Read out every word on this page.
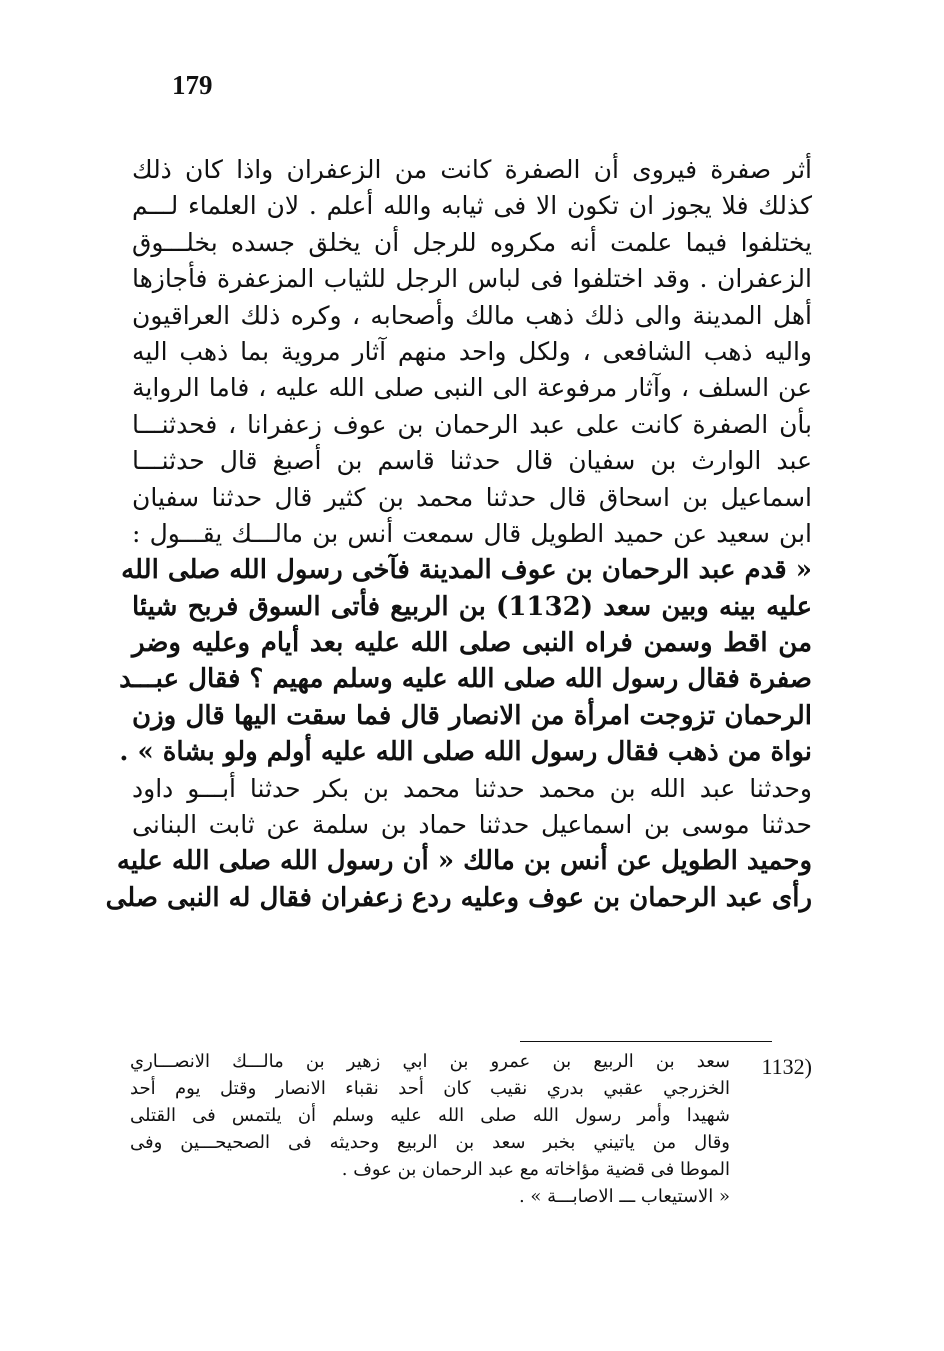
179
أثر صفرة فيروى أن الصفرة كانت من الزعفران واذا كان ذلك
كذلك فلا يجوز ان تكون الا فى ثيابه والله أعلم . لان العلماء لـــم
يختلفوا فيما علمت أنه مكروه للرجل أن يخلق جسده بخلـــوق
الزعفران . وقد اختلفوا فى لباس الرجل للثياب المزعفرة فأجازها
أهل المدينة والى ذلك ذهب مالك وأصحابه ، وكره ذلك العراقيون
واليه ذهب الشافعى ، ولكل واحد منهم آثار مروية بما ذهب اليه
عن السلف ، وآثار مرفوعة الى النبى صلى الله عليه ، فاما الرواية
بأن الصفرة كانت على عبد الرحمان بن عوف زعفرانا ، فحدثنـــا
عبد الوارث بن سفيان قال حدثنا قاسم بن أصبغ قال حدثنـــا
اسماعيل بن اسحاق قال حدثنا محمد بن كثير قال حدثنا سفيان
ابن سعيد عن حميد الطويل قال سمعت أنس بن مالـــك يقـــول :
« قدم عبد الرحمان بن عوف المدينة فآخى رسول الله صلى الله
عليه بينه وبين سعد (1132) بن الربيع فأتى السوق فربح شيئا
من اقط وسمن فراه النبى صلى الله عليه بعد أيام وعليه وضر
صفرة فقال رسول الله صلى الله عليه وسلم مهيم ؟ فقال عبـــد
الرحمان تزوجت امرأة من الانصار قال فما سقت اليها قال وزن
نواة من ذهب فقال رسول الله صلى الله عليه أولم ولو بشاة » .
وحدثنا عبد الله بن محمد حدثنا محمد بن بكر حدثنا أبـــو داود
حدثنا موسى بن اسماعيل حدثنا حماد بن سلمة عن ثابت البنانى
وحميد الطويل عن أنس بن مالك « أن رسول الله صلى الله عليه
رأى عبد الرحمان بن عوف وعليه ردع زعفران فقال له النبى صلى
1132)
سعد بن الربيع بن عمرو بن ابي زهير بن مالـــك الانصـــاري
الخزرجي عقبي بدري نقيب كان أحد نقباء الانصار وقتل يوم أحد
شهيدا وأمر رسول الله صلى الله عليه وسلم أن يلتمس فى القتلى
وقال من ياتيني بخبر سعد بن الربيع وحديثه فى الصحيحـــين وفى
الموطا فى قضية مؤاخاته مع عبد الرحمان بن عوف .
« الاستيعاب ـــ الاصابـــة » .
